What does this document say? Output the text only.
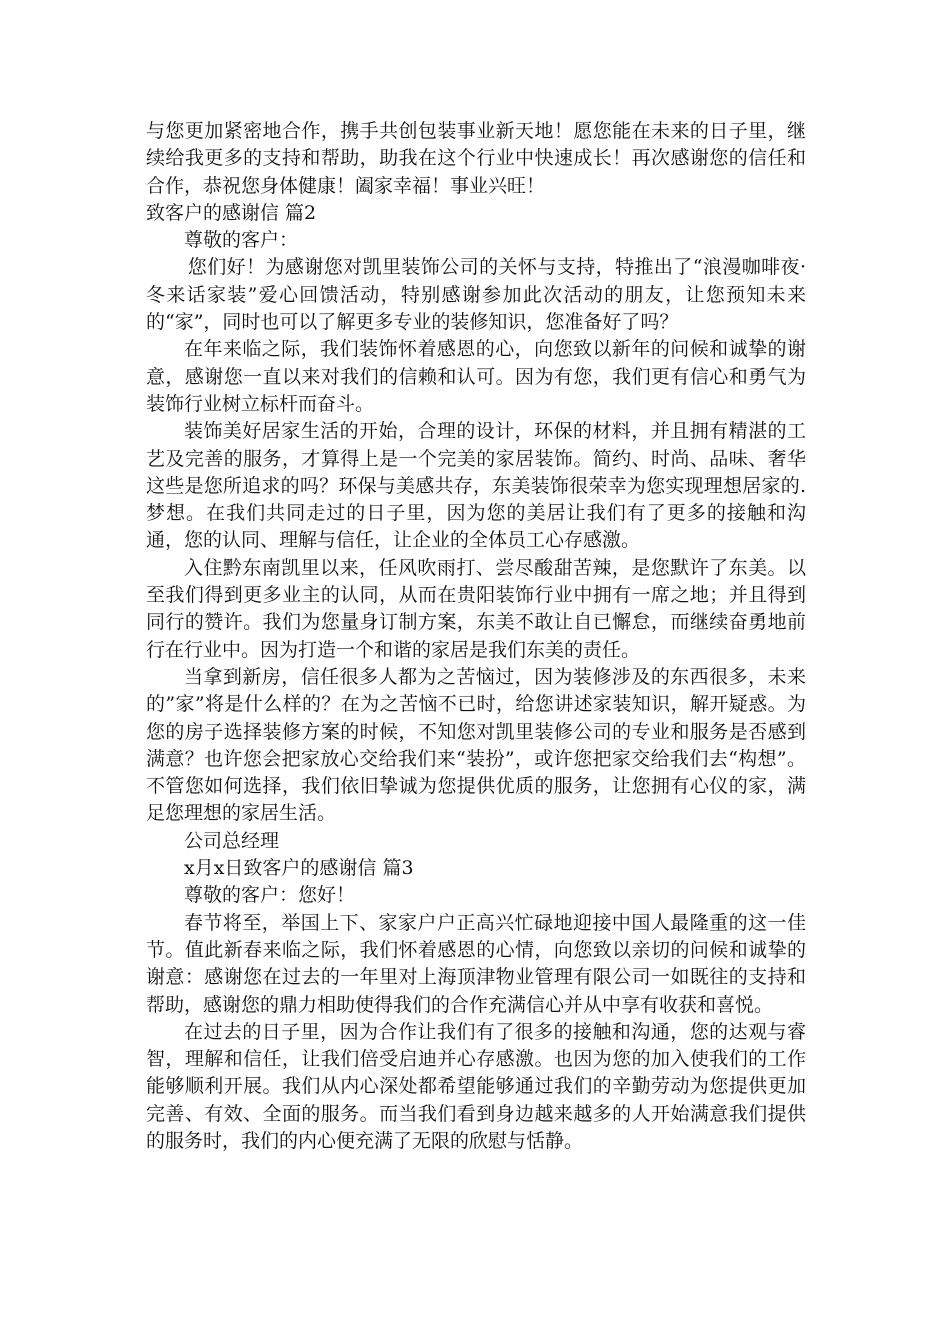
与您更加紧密地合作，携手共创包装事业新天地！愿您能在未来的日子里，继续给我更多的支持和帮助，助我在这个行业中快速成长！再次感谢您的信任和合作，恭祝您身体健康！阖家幸福！事业兴旺！

致客户的感谢信 篇2

尊敬的客户：

您们好！为感谢您对凯里装饰公司的关怀与支持，特推出了“浪漫咖啡夜·冬来话家装”爱心回馈活动，特别感谢参加此次活动的朋友，让您预知未来的“家”，同时也可以了解更多专业的装修知识，您准备好了吗？

在年来临之际，我们装饰怀着感恩的心，向您致以新年的问候和诚挚的谢意，感谢您一直以来对我们的信赖和认可。因为有您，我们更有信心和勇气为装饰行业树立标杆而奋斗。

装饰美好居家生活的开始，合理的设计，环保的材料，并且拥有精湛的工艺及完善的服务，才算得上是一个完美的家居装饰。简约、时尚、品味、奢华这些是您所追求的吗？环保与美感共存，东美装饰很荣幸为您实现理想居家的.梦想。在我们共同走过的日子里，因为您的美居让我们有了更多的接触和沟通，您的认同、理解与信任，让企业的全体员工心存感激。

入住黔东南凯里以来，任风吹雨打、尝尽酸甜苦辣，是您默许了东美。以至我们得到更多业主的认同，从而在贵阳装饰行业中拥有一席之地；并且得到同行的赞许。我们为您量身订制方案，东美不敢让自已懈怠，而继续奋勇地前行在行业中。因为打造一个和谐的家居是我们东美的责任。

当拿到新房，信任很多人都为之苦恼过，因为装修涉及的东西很多，未来的”家”将是什么样的？在为之苦恼不已时，给您讲述家装知识，解开疑惑。为您的房子选择装修方案的时候，不知您对凯里装修公司的专业和服务是否感到满意？也许您会把家放心交给我们来“装扮”，或许您把家交给我们去“构想”。不管您如何选择，我们依旧挚诚为您提供优质的服务，让您拥有心仪的家，满足您理想的家居生活。

公司总经理

x月x日致客户的感谢信 篇3

尊敬的客户：您好！

春节将至，举国上下、家家户户正高兴忙碌地迎接中国人最隆重的这一佳节。值此新春来临之际，我们怀着感恩的心情，向您致以亲切的问候和诚挚的谢意：感谢您在过去的一年里对上海顶津物业管理有限公司一如既往的支持和帮助，感谢您的鼎力相助使得我们的合作充满信心并从中享有收获和喜悦。

在过去的日子里，因为合作让我们有了很多的接触和沟通，您的达观与睿智，理解和信任，让我们倍受启迪并心存感激。也因为您的加入使我们的工作能够顺利开展。我们从内心深处都希望能够通过我们的辛勤劳动为您提供更加完善、有效、全面的服务。而当我们看到身边越来越多的人开始满意我们提供的服务时，我们的内心便充满了无限的欣慰与恬静。
